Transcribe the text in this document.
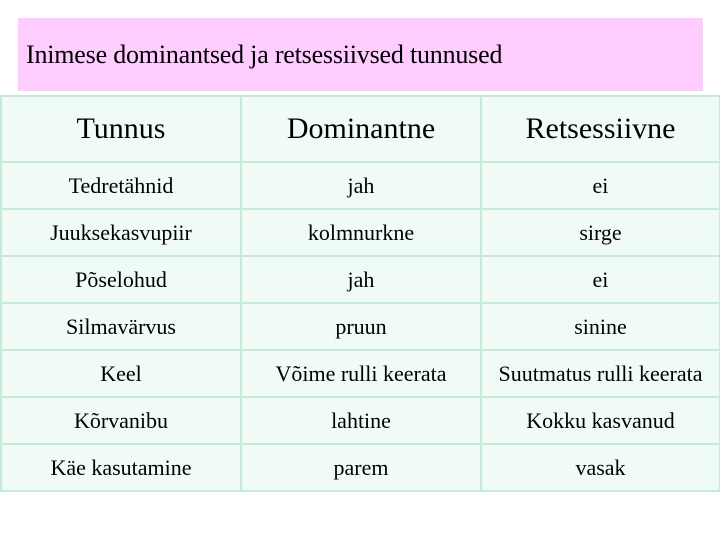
Inimese dominantsed ja retsessiivsed tunnused
Tunnus	Dominantne	Retsessiivne
Tedretähnid	jah	ei
Juuksekasvupiir	kolmnurkne	sirge
Põselohud	jah	ei
Silmavärvus	pruun	sinine
Keel	Võime rulli keerata	Suutmatus rulli keerata
Kõrvanibu	lahtine	Kokku kasvanud
Käe kasutamine	parem	vasak
